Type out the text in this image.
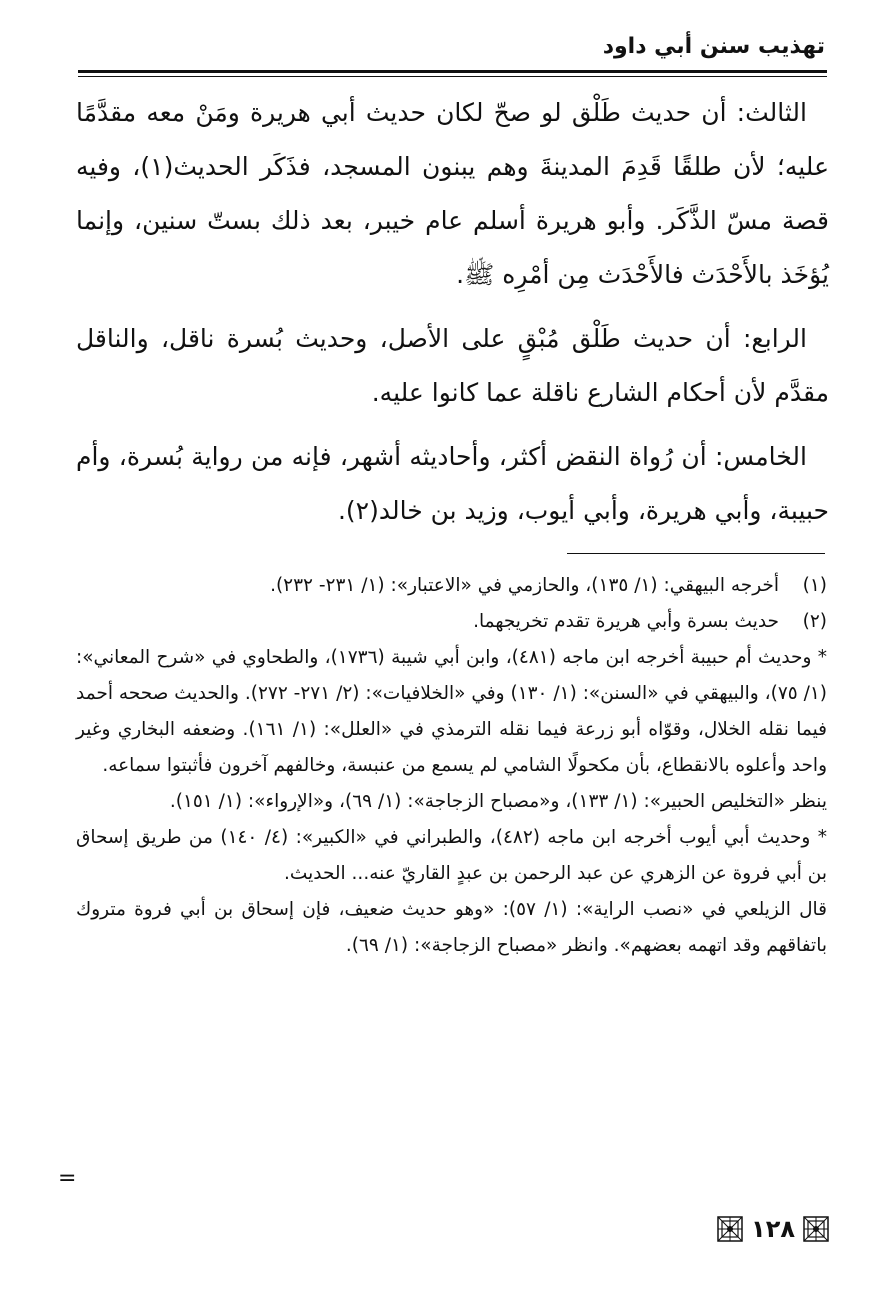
تهذيب سنن أبي داود

الثالث: أن حديث طَلْق لو صحّ لكان حديث أبي هريرة ومَنْ معه مقدَّمًا عليه؛ لأن طلقًا قَدِمَ المدينةَ وهم يبنون المسجد، فذَكَر الحديث(١)، وفيه قصة مسّ الذَّكَر. وأبو هريرة أسلم عام خيبر، بعد ذلك بستّ سنين، وإنما يُؤخَذ بالأَحْدَث فالأَحْدَث مِن أمْرِه ﷺ.

الرابع: أن حديث طَلْق مُبْقٍ على الأصل، وحديث بُسرة ناقل، والناقل مقدَّم لأن أحكام الشارع ناقلة عما كانوا عليه.

الخامس: أن رُواة النقض أكثر، وأحاديثه أشهر، فإنه من رواية بُسرة، وأم حبيبة، وأبي هريرة، وأبي أيوب، وزيد بن خالد(٢).

(١)
أخرجه البيهقي: (١/ ١٣٥)، والحازمي في «الاعتبار»: (١/ ٢٣١- ٢٣٢).
(٢)
حديث بسرة وأبي هريرة تقدم تخريجهما.

* وحديث أم حبيبة أخرجه ابن ماجه (٤٨١)، وابن أبي شيبة (١٧٣٦)، والطحاوي في «شرح المعاني»: (١/ ٧٥)، والبيهقي في «السنن»: (١/ ١٣٠) وفي «الخلافيات»: (٢/ ٢٧١- ٢٧٢). والحديث صححه أحمد فيما نقله الخلال، وقوّاه أبو زرعة فيما نقله الترمذي في «العلل»: (١/ ١٦١). وضعفه البخاري وغير واحد وأعلوه بالانقطاع، بأن مكحولًا الشامي لم يسمع من عنبسة، وخالفهم آخرون فأثبتوا سماعه.

ينظر «التخليص الحبير»: (١/ ١٣٣)، و«مصباح الزجاجة»: (١/ ٦٩)، و«الإرواء»: (١/ ١٥١).

* وحديث أبي أيوب أخرجه ابن ماجه (٤٨٢)، والطبراني في «الكبير»: (٤/ ١٤٠) من طريق إسحاق بن أبي فروة عن الزهري عن عبد الرحمن بن عبدٍ القاريّ عنه... الحديث.

قال الزيلعي في «نصب الراية»: (١/ ٥٧): «وهو حديث ضعيف، فإن إسحاق بن أبي فروة متروك باتفاقهم وقد اتهمه بعضهم». وانظر «مصباح الزجاجة»: (١/ ٦٩).

=
١٢٨
